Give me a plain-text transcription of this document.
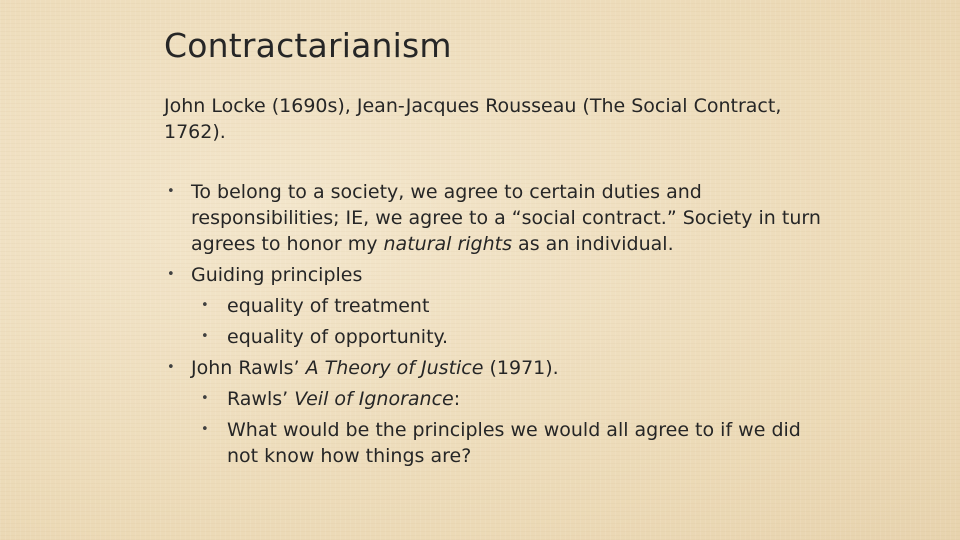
Contractarianism

John Locke (1690s), Jean-Jacques Rousseau (The Social Contract, 1762).

• To belong to a society, we agree to certain duties and responsibilities; IE, we agree to a “social contract.” Society in turn agrees to honor my natural rights as an individual.
• Guiding principles
• equality of treatment
• equality of opportunity.
• John Rawls’ A Theory of Justice (1971).
• Rawls’ Veil of Ignorance:
• What would be the principles we would all agree to if we did not know how things are?
